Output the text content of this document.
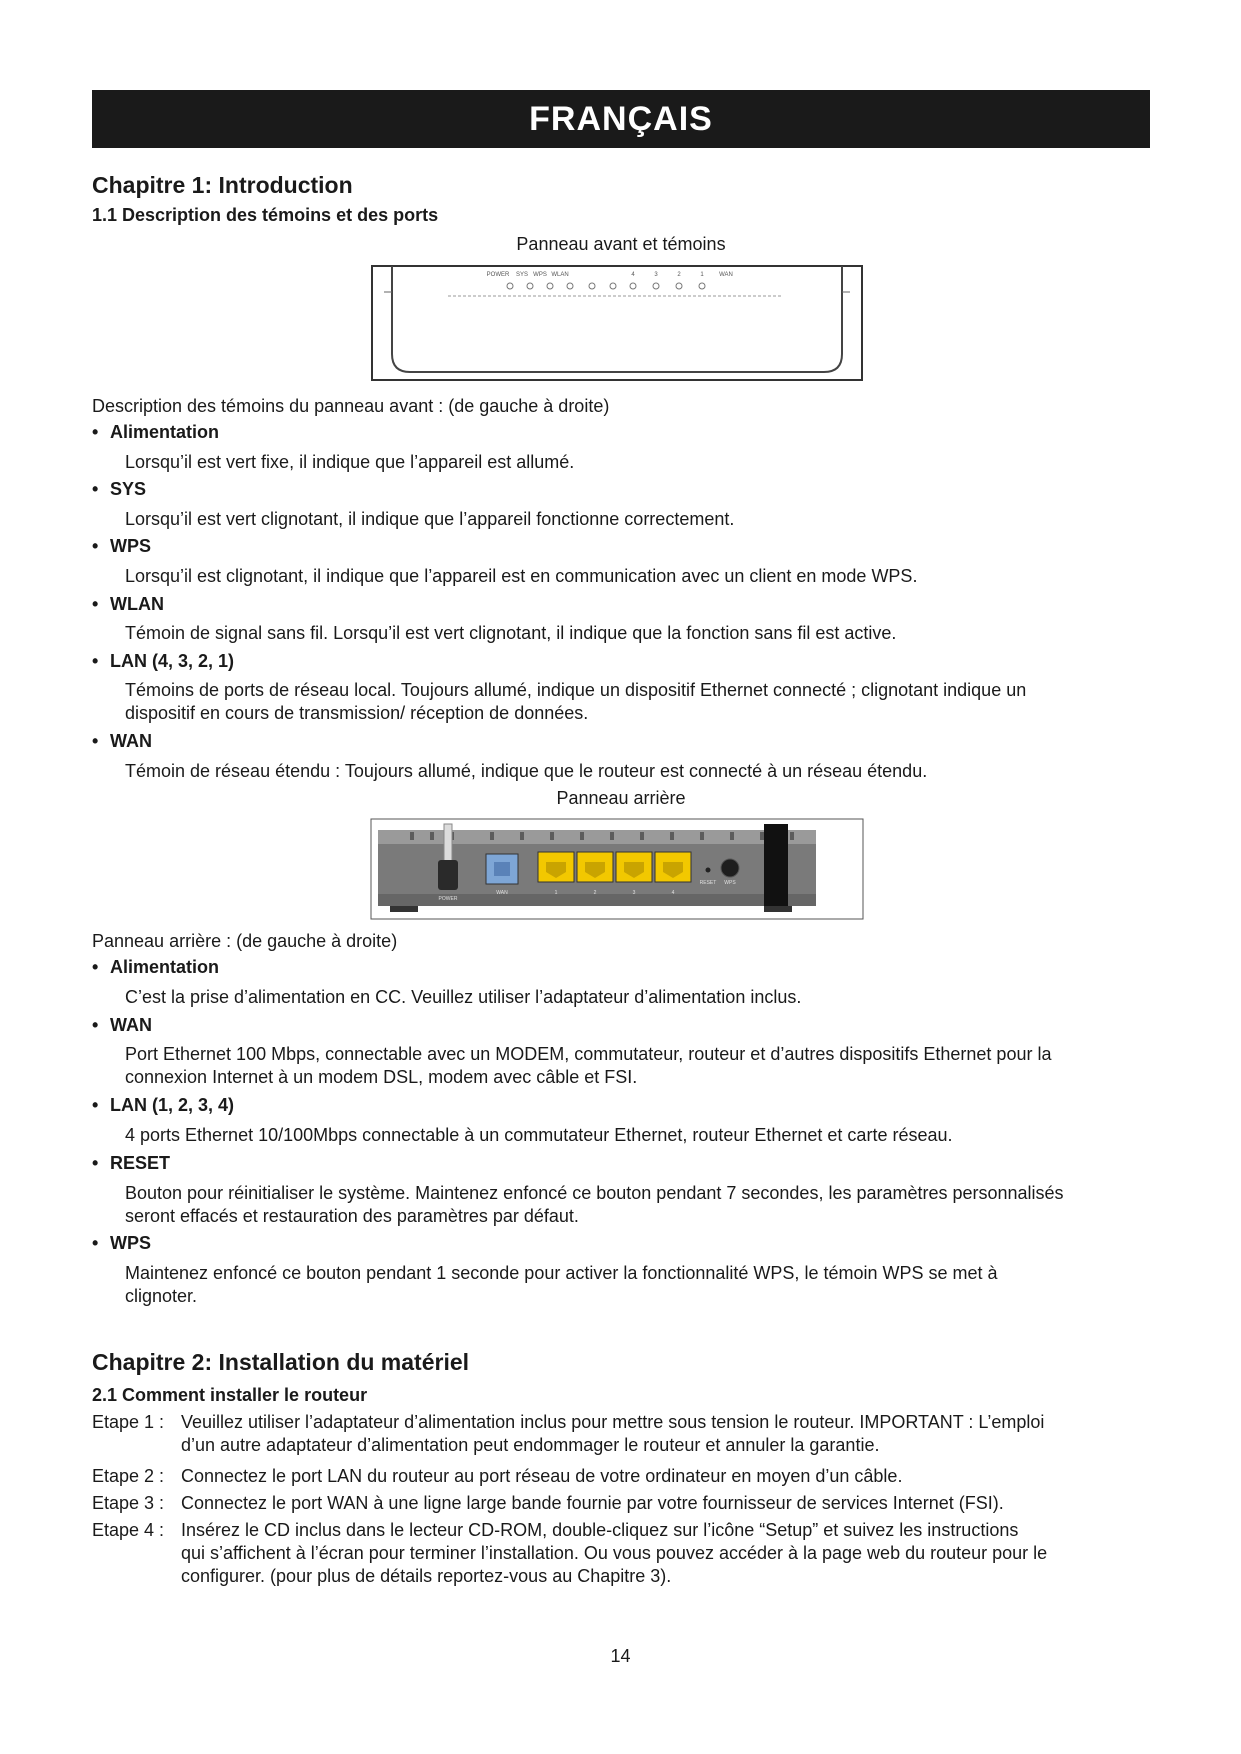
FRANÇAIS
Chapitre 1: Introduction
1.1 Description des témoins et des ports
Panneau avant et témoins
POWER SYS WPS WLAN	4	3	2	1	WAN
Description des témoins du panneau avant : (de gauche à droite)
• Alimentation
Lorsqu’il est vert fixe, il indique que l’appareil est allumé.
• SYS
Lorsqu’il est vert clignotant, il indique que l’appareil fonctionne correctement.
• WPS
Lorsqu’il est clignotant, il indique que l’appareil est en communication avec un client en mode WPS.
• WLAN
Témoin de signal sans fil. Lorsqu’il est vert clignotant, il indique que la fonction sans fil est active.
• LAN (4, 3, 2, 1)
Témoins de ports de réseau local. Toujours allumé, indique un dispositif Ethernet connecté ; clignotant indique un
dispositif en cours de transmission/ réception de données.
• WAN
Témoin de réseau étendu : Toujours allumé, indique que le routeur est connecté à un réseau étendu.
Panneau arrière
POWER
WAN	1	2	3	4
RESET WPS
Panneau arrière : (de gauche à droite)
• Alimentation
C’est la prise d’alimentation en CC. Veuillez utiliser l’adaptateur d’alimentation inclus.
• WAN
Port Ethernet 100 Mbps, connectable avec un MODEM, commutateur, routeur et d’autres dispositifs Ethernet pour la
connexion Internet à un modem DSL, modem avec câble et FSI.
• LAN (1, 2, 3, 4)
4 ports Ethernet 10/100Mbps connectable à un commutateur Ethernet, routeur Ethernet et carte réseau.
• RESET
Bouton pour réinitialiser le système. Maintenez enfoncé ce bouton pendant 7 secondes, les paramètres personnalisés
seront effacés et restauration des paramètres par défaut.
• WPS
Maintenez enfoncé ce bouton pendant 1 seconde pour activer la fonctionnalité WPS, le témoin WPS se met à
clignoter.
Chapitre 2: Installation du matériel
2.1 Comment installer le routeur
Etape 1 : Veuillez utiliser l’adaptateur d’alimentation inclus pour mettre sous tension le routeur. IMPORTANT : L’emploi
d’un autre adaptateur d’alimentation peut endommager le routeur et annuler la garantie.
Etape 2 : Connectez le port LAN du routeur au port réseau de votre ordinateur en moyen d’un câble.
Etape 3 : Connectez le port WAN à une ligne large bande fournie par votre fournisseur de services Internet (FSI).
Etape 4 : Insérez le CD inclus dans le lecteur CD-ROM, double-cliquez sur l’icône “Setup” et suivez les instructions
qui s’affichent à l’écran pour terminer l’installation. Ou vous pouvez accéder à la page web du routeur pour le
configurer. (pour plus de détails reportez-vous au Chapitre 3).
14
